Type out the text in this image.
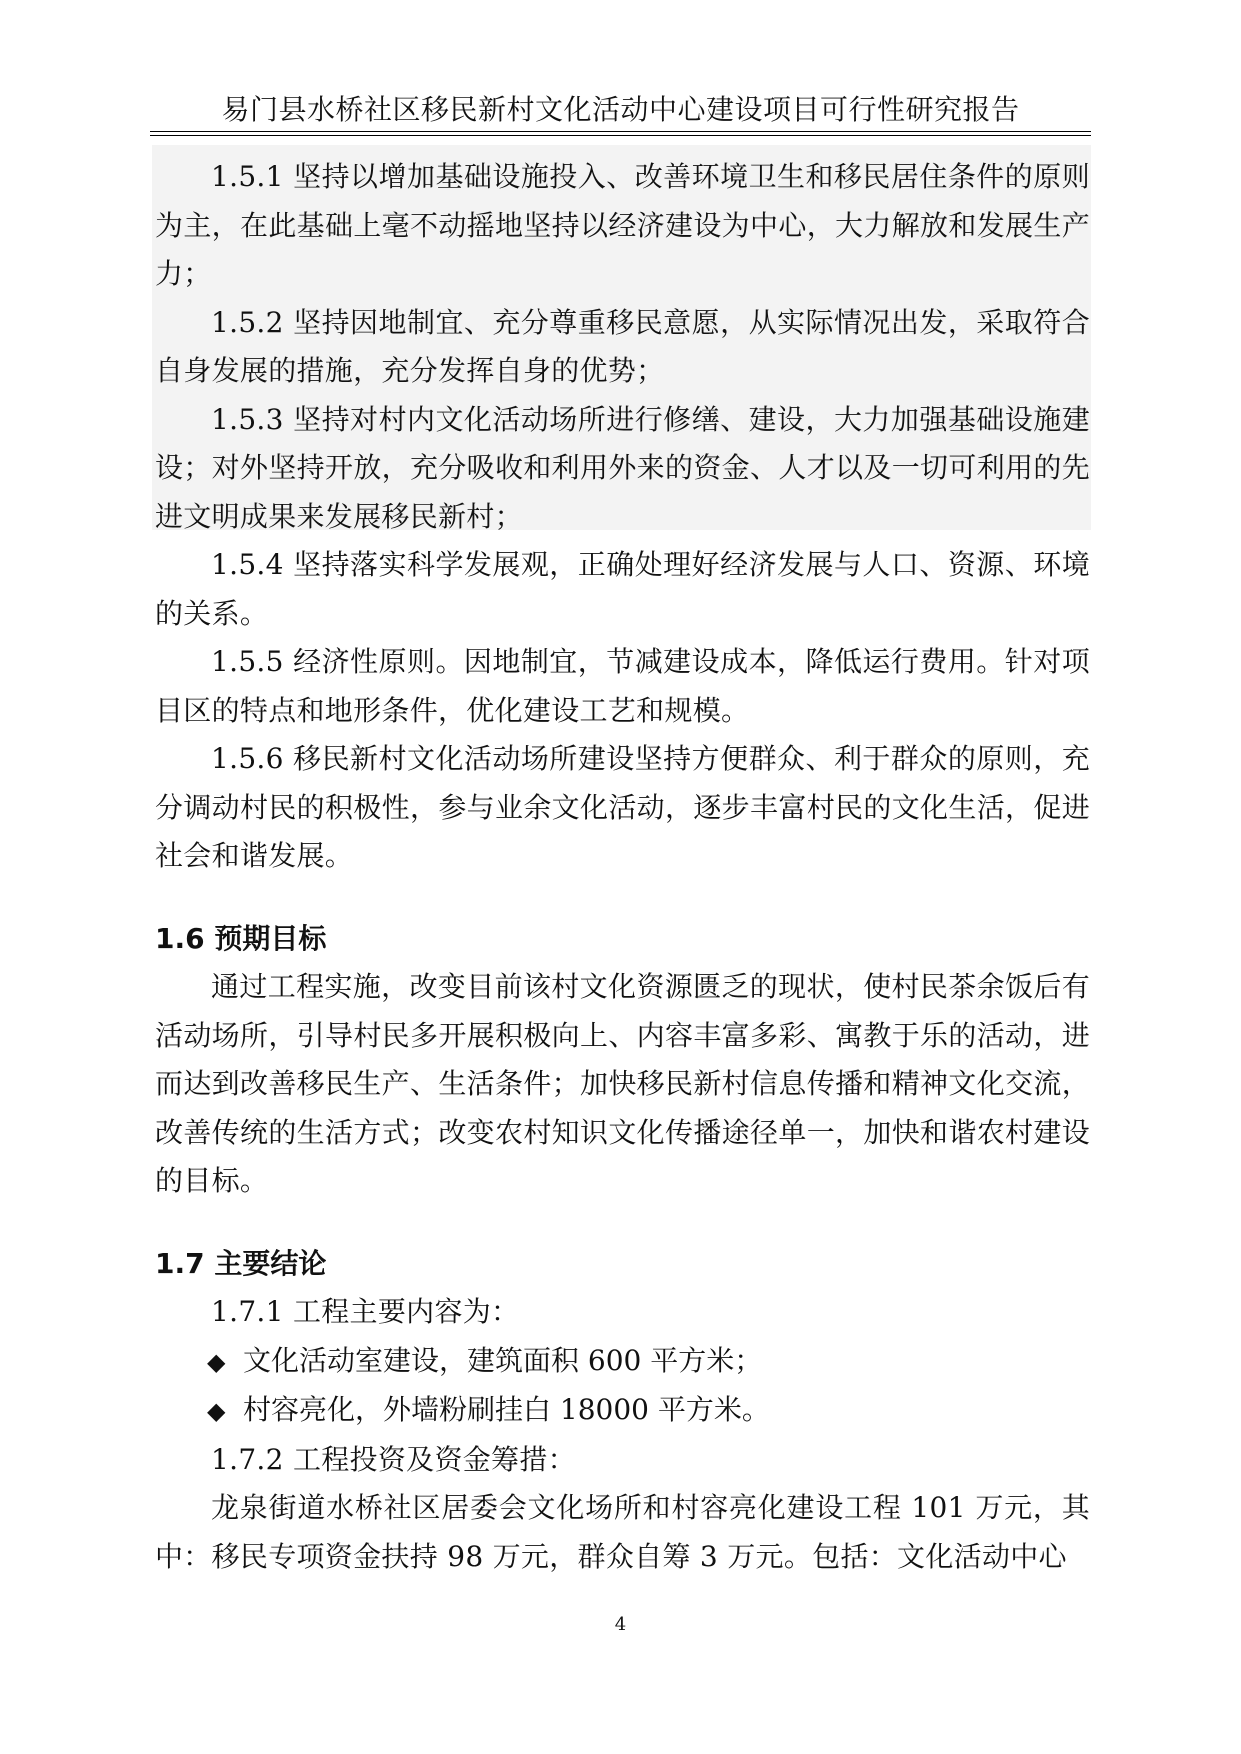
易门县水桥社区移民新村文化活动中心建设项目可行性研究报告

1.5.1 坚持以增加基础设施投入、改善环境卫生和移民居住条件的原则为主，在此基础上毫不动摇地坚持以经济建设为中心，大力解放和发展生产力；

1.5.2 坚持因地制宜、充分尊重移民意愿，从实际情况出发，采取符合自身发展的措施，充分发挥自身的优势；

1.5.3 坚持对村内文化活动场所进行修缮、建设，大力加强基础设施建设；对外坚持开放，充分吸收和利用外来的资金、人才以及一切可利用的先进文明成果来发展移民新村；

1.5.4 坚持落实科学发展观，正确处理好经济发展与人口、资源、环境的关系。

1.5.5 经济性原则。因地制宜，节减建设成本，降低运行费用。针对项目区的特点和地形条件，优化建设工艺和规模。

1.5.6 移民新村文化活动场所建设坚持方便群众、利于群众的原则，充分调动村民的积极性，参与业余文化活动，逐步丰富村民的文化生活，促进社会和谐发展。

1.6 预期目标

通过工程实施，改变目前该村文化资源匮乏的现状，使村民茶余饭后有活动场所，引导村民多开展积极向上、内容丰富多彩、寓教于乐的活动，进而达到改善移民生产、生活条件；加快移民新村信息传播和精神文化交流，改善传统的生活方式；改变农村知识文化传播途径单一，加快和谐农村建设的目标。

1.7 主要结论

1.7.1 工程主要内容为：

◆ 文化活动室建设，建筑面积 600 平方米；

◆ 村容亮化，外墙粉刷挂白 18000 平方米。

1.7.2 工程投资及资金筹措：

龙泉街道水桥社区居委会文化场所和村容亮化建设工程 101 万元，其中：移民专项资金扶持 98 万元，群众自筹 3 万元。包括：文化活动中心

4
